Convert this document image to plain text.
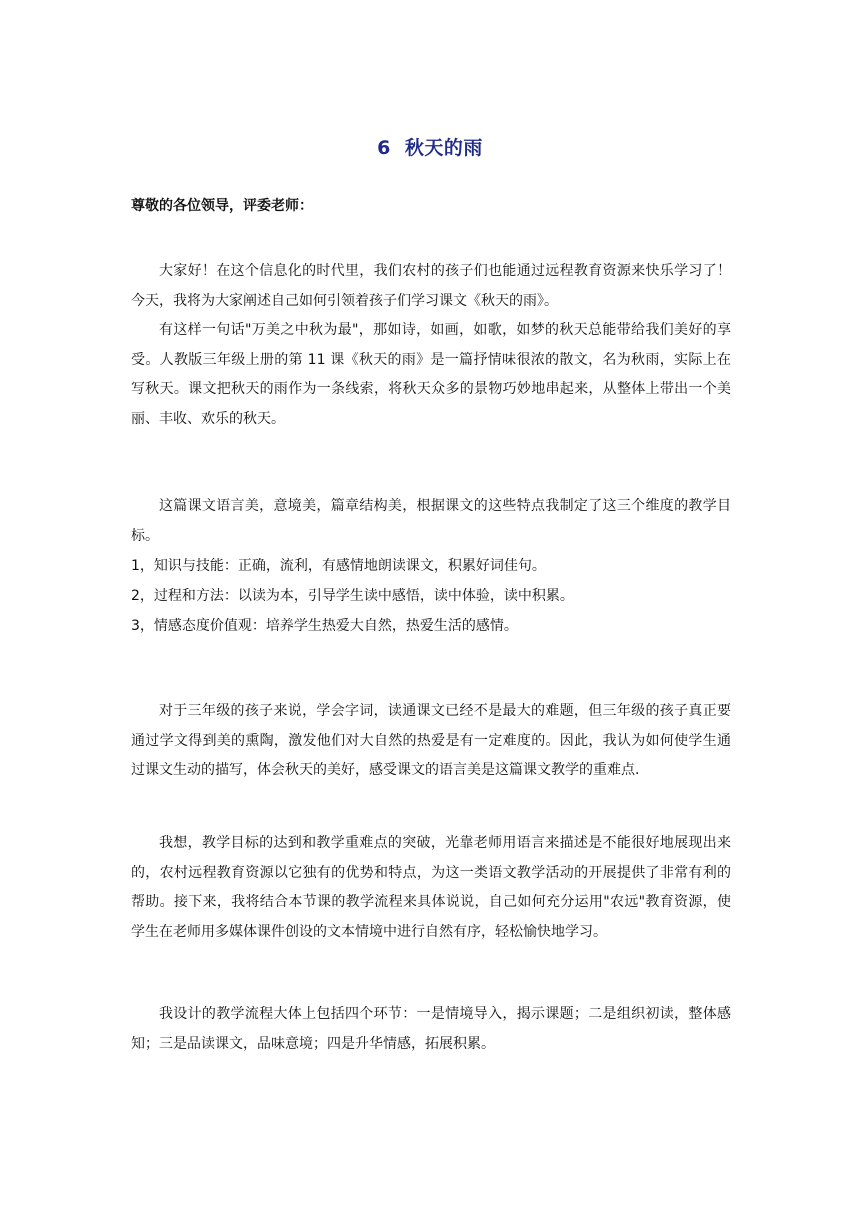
6 秋天的雨
尊敬的各位领导，评委老师：

大家好！在这个信息化的时代里，我们农村的孩子们也能通过远程教育资源来快乐学习了！今天，我将为大家阐述自己如何引领着孩子们学习课文《秋天的雨》。

有这样一句话"万美之中秋为最"，那如诗，如画，如歌，如梦的秋天总能带给我们美好的享受。人教版三年级上册的第 11 课《秋天的雨》是一篇抒情味很浓的散文，名为秋雨，实际上在写秋天。课文把秋天的雨作为一条线索，将秋天众多的景物巧妙地串起来，从整体上带出一个美丽、丰收、欢乐的秋天。

这篇课文语言美，意境美，篇章结构美，根据课文的这些特点我制定了这三个维度的教学目标。

1，知识与技能：正确，流利，有感情地朗读课文，积累好词佳句。

2，过程和方法：以读为本，引导学生读中感悟，读中体验，读中积累。

3，情感态度价值观：培养学生热爱大自然，热爱生活的感情。

对于三年级的孩子来说，学会字词，读通课文已经不是最大的难题，但三年级的孩子真正要通过学文得到美的熏陶，激发他们对大自然的热爱是有一定难度的。因此，我认为如何使学生通过课文生动的描写，体会秋天的美好，感受课文的语言美是这篇课文教学的重难点.

我想，教学目标的达到和教学重难点的突破，光靠老师用语言来描述是不能很好地展现出来的，农村远程教育资源以它独有的优势和特点，为这一类语文教学活动的开展提供了非常有利的帮助。接下来，我将结合本节课的教学流程来具体说说，自己如何充分运用"农远"教育资源，使学生在老师用多媒体课件创设的文本情境中进行自然有序，轻松愉快地学习。

我设计的教学流程大体上包括四个环节：一是情境导入，揭示课题；二是组织初读，整体感知；三是品读课文，品味意境；四是升华情感，拓展积累。
